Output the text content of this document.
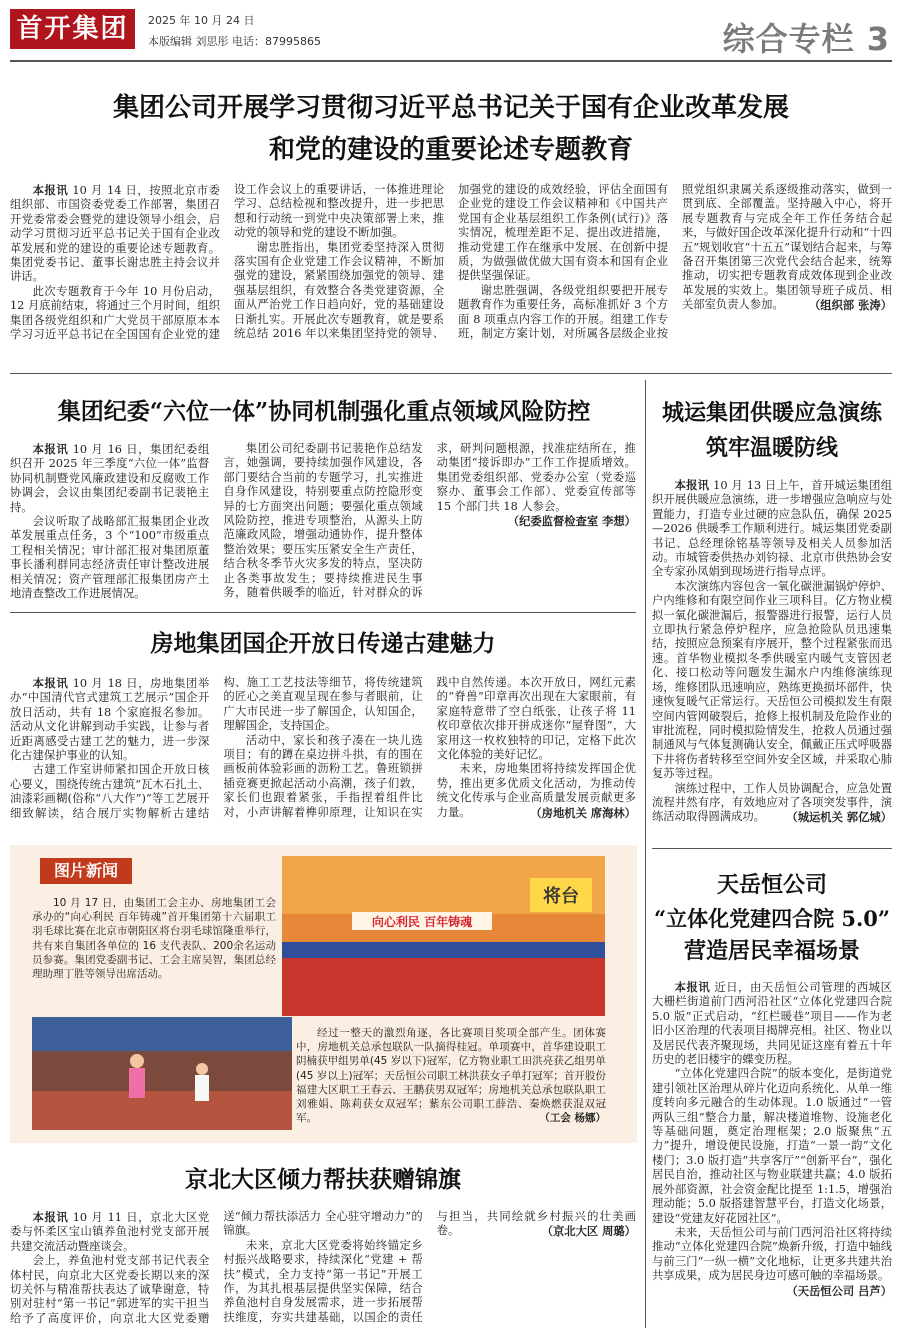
首开集团	2025 年 10 月 24 日
本版编辑 刘思彤 电话：87995865	综合专栏 3
集团公司开展学习贯彻习近平总书记关于国有企业改革发展
和党的建设的重要论述专题教育

本报讯 10 月 14 日，按照北京市委组织部、市国资委党委工作部署，集团召开党委常委会暨党的建设领导小组会，启动学习贯彻习近平总书记关于国有企业改革发展和党的建设的重要论述专题教育。集团党委书记、董事长谢忠胜主持会议并讲话。

此次专题教育于今年 10 月份启动，12 月底前结束，将通过三个月时间，组织集团各级党组织和广大党员干部原原本本学习习近平总书记在全国国有企业党的建设工作会议上的重要讲话，一体推进理论学习、总结检视和整改提升，进一步把思想和行动统一到党中央决策部署上来，推动党的领导和党的建设不断加强。

谢忠胜指出，集团党委坚持深入贯彻落实国有企业党建工作会议精神，不断加强党的建设，紧紧围绕加强党的领导、建强基层组织，有效整合各类党建资源，全面从严治党工作日趋向好，党的基础建设日渐扎实。开展此次专题教育，就是要系统总结 2016 年以来集团坚持党的领导、加强党的建设的成效经验，评估全面国有企业党的建设工作会议精神和《中国共产党国有企业基层组织工作条例(试行)》落实情况，梳理差距不足、提出改进措施，推动党建工作在继承中发展、在创新中提质，为做强做优做大国有资本和国有企业提供坚强保证。

谢忠胜强调，各级党组织要把开展专题教育作为重要任务，高标准抓好 3 个方面 8 项重点内容工作的开展。组建工作专班，制定方案计划，对所属各层级企业按照党组织隶属关系逐级推动落实，做到一贯到底、全部覆盖。坚持融入中心，将开展专题教育与完成全年工作任务结合起来，与做好国企改革深化提升行动和“十四五”规划收官“十五五”谋划结合起来，与筹备召开集团第三次党代会结合起来，统筹推动，切实把专题教育成效体现到企业改革发展的实效上。集团领导班子成员、相关部室负责人参加。 （组织部 张涛）

集团纪委“六位一体”协同机制强化重点领域风险防控

本报讯 10 月 16 日，集团纪委组织召开 2025 年三季度“六位一体”监督协同机制暨党风廉政建设和反腐败工作协调会，会议由集团纪委副书记裴艳主持。

会议听取了战略部汇报集团企业改革发展重点任务，3 个“100”市级重点工程相关情况；审计部汇报对集团原董事长潘利群同志经济责任审计整改进展相关情况；资产管理部汇报集团房产土地清查整改工作进展情况。

集团公司纪委副书记裴艳作总结发言，她强调，要持续加强作风建设，各部门要结合当前的专题学习，扎实推进自身作风建设，特别要重点防控隐形变异的七方面突出问题；要强化重点领域风险防控，推进专项整治，从源头上防范廉政风险，增强动通协作，提升整体整治效果；要压实压紧安全生产责任，结合秋冬季节火灾多发的特点，坚决防止各类事故发生；要持续推进民生事务，随着供暖季的临近，针对群众的诉求，研判问题根源，找准症结所在，推动集团“接诉即办”工作工作提质增效。集团党委组织部、党委办公室（党委巡察办、董事会工作部）、党委宣传部等 15 个部门共 18 人参会。
（纪委监督检查室 李想）

房地集团国企开放日传递古建魅力

本报讯 10 月 18 日，房地集团举办“中国清代官式建筑工艺展示”国企开放日活动，共有 18 个家庭报名参加。活动从文化讲解到动手实践，让参与者近距离感受古建工艺的魅力，进一步深化古建保护事业的认知。

古建工作室讲师紧扣国企开放日核心要义，围绕传统古建筑“瓦木石扎土、油漆彩画糊(俗称“八大作”)”等工艺展开细致解读，结合展厅实物解析古建结构、施工工艺技法等细节，将传统建筑的匠心之美直观呈现在参与者眼前，让广大市民进一步了解国企，认知国企，理解国企，支持国企。

活动中，家长和孩子凑在一块儿选项目；有的蹲在桌边拼斗拱，有的围在画板前体验彩画的沥粉工艺。鲁班锁拼插竞赛更掀起活动小高潮，孩子们敦，家长们也跟着紧张，手指捏着组件比对，小声讲解着榫卯原理，让知识在实践中自然传递。本次开放日，网红元素的“脊兽”印章再次出现在大家眼前，有家庭特意带了空白纸张，让孩子将 11 枚印章依次排开拼成迷你“屋脊图”，大家用这一枚枚独特的印记，定格下此次文化体验的美好记忆。

未来，房地集团将持续发挥国企优势，推出更多优质文化活动，为推动传统文化传承与企业高质量发展贡献更多力量。	（房地机关 席海林）

图片新闻

10 月 17 日，由集团工会主办、房地集团工会承办的“向心利民 百年铸魂”首开集团第十六届职工羽毛球比赛在北京市朝阳区将台羽毛球馆隆重举行，共有来自集团各单位的 16 支代表队、200余名运动员参赛。集团党委副书记、工会主席吴智，集团总经理助理丁胜等领导出席活动。

向心利民 百年铸魂
将台

经过一整天的激烈角逐，各比赛项目奖项全部产生。团体赛中，房地机关总承包联队一队摘得桂冠。单项赛中，首华建设职工阴楠获甲组男单(45 岁以下)冠军，亿方物业职工田洪亮获乙组男单(45 岁以上)冠军；天岳恒公司职工林洪获女子单打冠军；首开股份福建大区职工王春云、王鹏获男双冠军；房地机关总承包联队职工刘雅娟、陈莉获女双冠军；紫东公司职工薛浩、秦焕燃获混双冠军。	（工会 杨娜）

京北大区倾力帮扶获赠锦旗

本报讯 10 月 11 日，京北大区党委与怀柔区宝山镇养鱼池村党支部开展共建交流活动暨座谈会。

会上，养鱼池村党支部书记代表全体村民，向京北大区党委长期以来的深切关怀与精准帮扶表达了诚挚谢意，特别对驻村“第一书记”郭进军的实干担当给予了高度评价，向京北大区党委赠送“倾力帮扶添活力 全心驻守增动力”的锦旗。

未来，京北大区党委将始终锚定乡村振兴战略要求，持续深化“党建 + 帮扶”模式，全力支持“第一书记”开展工作，为其扎根基层提供坚实保障，结合养鱼池村自身发展需求，进一步拓展帮扶维度，夯实共建基础，以国企的责任与担当，共同绘就乡村振兴的壮美画卷。	（京北大区 周璐）

城运集团供暖应急演练
筑牢温暖防线

本报讯 10 月 13 日上午，首开城运集团组织开展供暖应急演练，进一步增强应急响应与处置能力，打造专业过硬的应急队伍，确保 2025—2026 供暖季工作顺利进行。城运集团党委副书记、总经理徐铭基等领导及相关人员参加活动。市城管委供热办刘钧禄、北京市供热协会安全专家孙凤娟到现场进行指导点评。

本次演练内容包含一氧化碳泄漏锅炉停炉、户内维修和有限空间作业三项科目。亿方物业模拟一氧化碳泄漏后，报警器进行报警，运行人员立即执行紧急停炉程序，应急抢险队员迅速集结，按照应急预案有序展开，整个过程紧张而迅速。首华物业模拟冬季供暖室内暖气支管因老化、接口松动等问题发生漏水户内维修演练现场，维修团队迅速响应，熟练更换损坏部件，快速恢复暖气正常运行。天岳恒公司模拟发生有限空间内管网破裂后，抢修上报机制及危险作业的审批流程，同时模拟险情发生，抢救人员通过强制通风与气体复测确认安全，佩戴正压式呼吸器下井将伤者转移至空间外安全区域，并采取心肺复苏等过程。

演练过程中，工作人员协调配合，应急处置流程井然有序，有效地应对了各项突发事件，演练活动取得圆满成功。 （城运机关 郭亿城）

天岳恒公司
“立体化党建四合院 5.0”
营造居民幸福场景

本报讯 近日，由天岳恒公司管理的西城区大栅栏街道前门西河沿社区“立体化党建四合院 5.0 版”正式启动，“红栏暖巷”项目——作为老旧小区治理的代表项目揭牌亮相。社区、物业以及居民代表齐聚现场，共同见证这座有着五十年历史的老旧楼宇的蝶变历程。

“立体化党建四合院”的版本变化，是街道党建引领社区治理从碎片化迈向系统化、从单一维度转向多元融合的生动体现。1.0 版通过“一管两队三组”整合力量，解决楼道堆物、设施老化等基础问题，奠定治理框架；2.0 版聚焦“五力”提升，增设便民设施，打造“一景一韵”文化楼门；3.0 版打造“共享客厅”“创新平台”，强化居民自治，推动社区与物业联建共赢；4.0 版拓展外部资源，社会资金配比提至 1:1.5，增强治理动能；5.0 版搭建智慧平台，打造文化场景，建设“党建友好花园社区”。

未来，天岳恒公司与前门西河沿社区将持续推动“立体化党建四合院”焕新升级，打造中轴线与前三门“一纵一横”文化地标，让更多共建共治共享成果，成为居民身边可感可触的幸福场景。
（天岳恒公司 吕芦）
